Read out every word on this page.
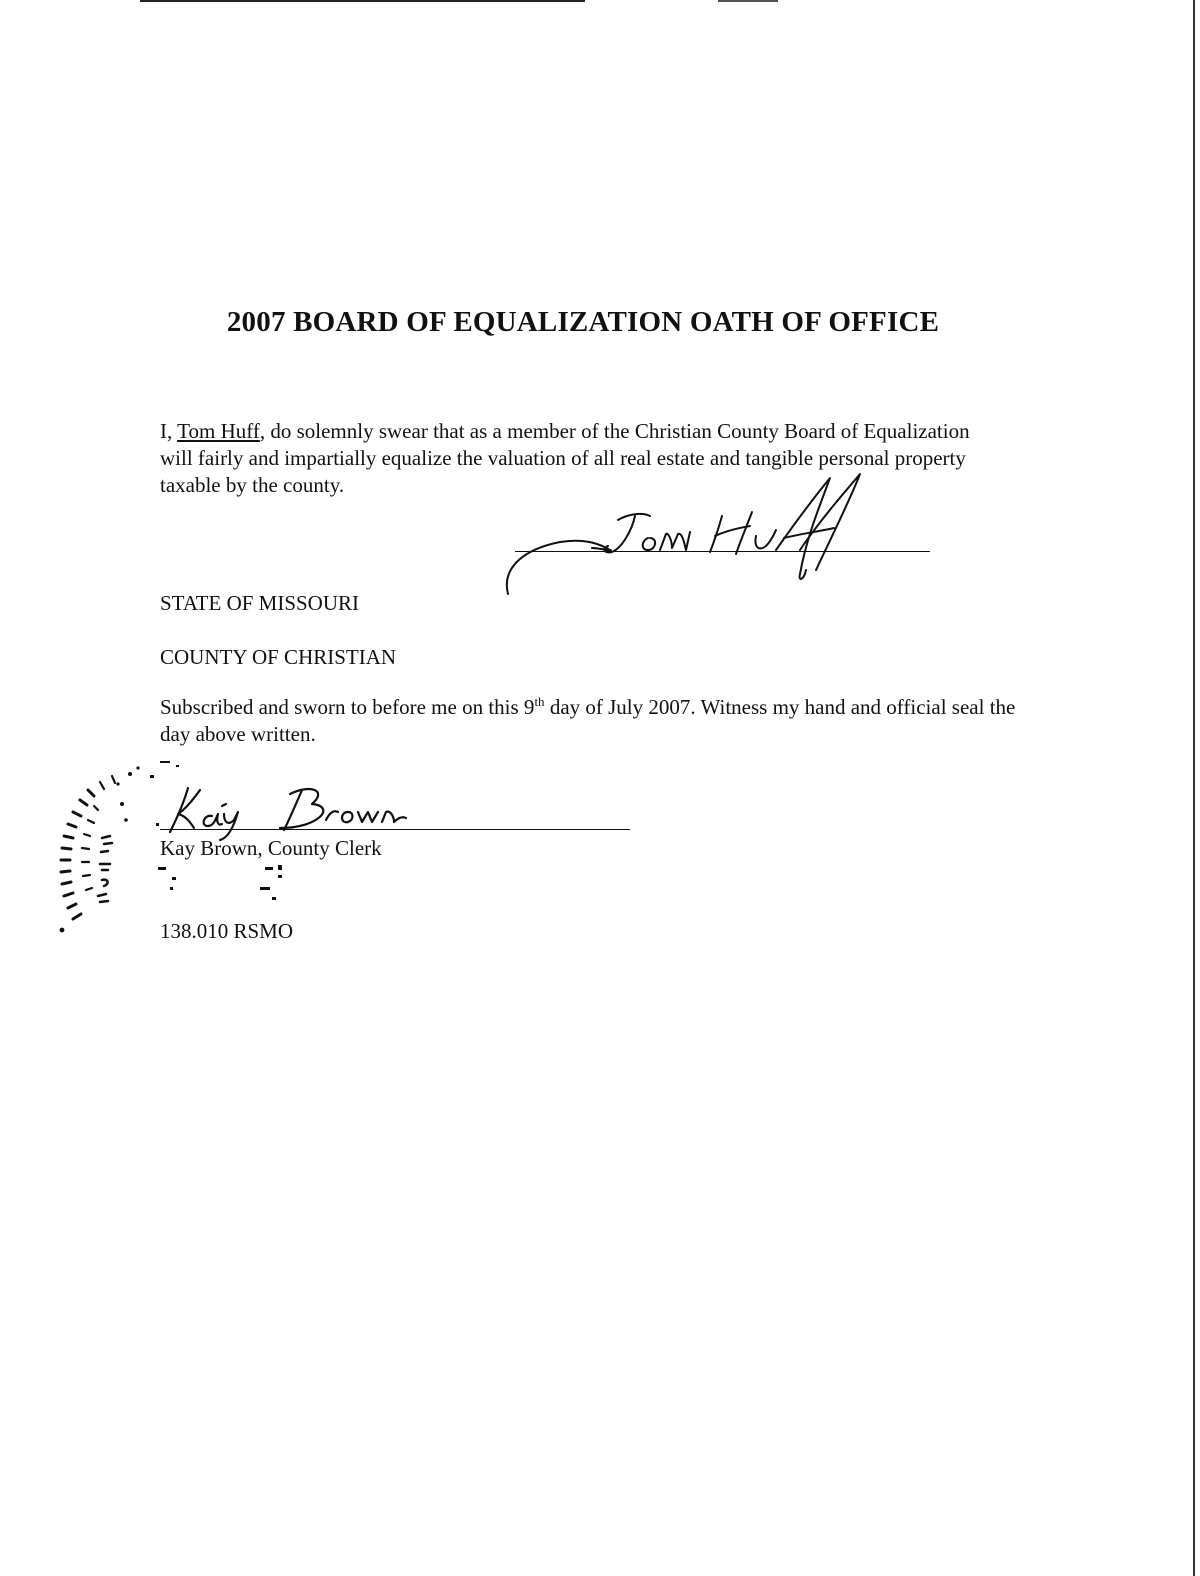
2007 BOARD OF EQUALIZATION OATH OF OFFICE

I, Tom Huff, do solemnly swear that as a member of the Christian County Board of Equalization will fairly and impartially equalize the valuation of all real estate and tangible personal property taxable by the county.

STATE OF MISSOURI

COUNTY OF CHRISTIAN

Subscribed and sworn to before me on this 9th day of July 2007. Witness my hand and official seal the day above written.

Kay Brown, County Clerk

138.010 RSMO
